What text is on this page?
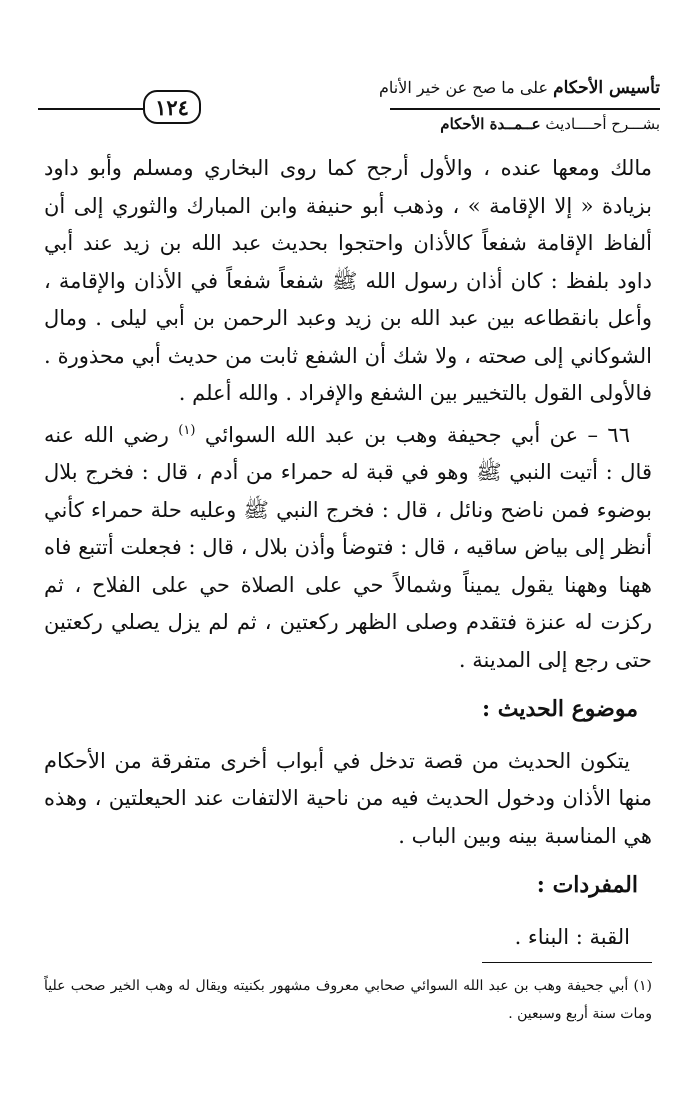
تأسيس الأحكام على ما صح عن خير الأنام
بشـــرح أحــــاديث عــمــدة الأحكام
١٢٤

مالك ومعها عنده ، والأول أرجح كما روى البخاري ومسلم وأبو داود بزيادة « إلا الإقامة » ، وذهب أبو حنيفة وابن المبارك والثوري إلى أن ألفاظ الإقامة شفعاً كالأذان واحتجوا بحديث عبد الله بن زيد عند أبي داود بلفظ : كان أذان رسول الله ﷺ شفعاً شفعاً في الأذان والإقامة ، وأعل بانقطاعه بين عبد الله بن زيد وعبد الرحمن بن أبي ليلى . ومال الشوكاني إلى صحته ، ولا شك أن الشفع ثابت من حديث أبي محذورة . فالأولى القول بالتخيير بين الشفع والإفراد . والله أعلم .

٦٦ – عن أبي جحيفة وهب بن عبد الله السوائي $^{(١)}$ رضي الله عنه قال : أتيت النبي ﷺ وهو في قبة له حمراء من أدم ، قال : فخرج بلال بوضوء فمن ناضح ونائل ، قال : فخرج النبي ﷺ وعليه حلة حمراء كأني أنظر إلى بياض ساقيه ، قال : فتوضأ وأذن بلال ، قال : فجعلت أتتبع فاه ههنا وههنا يقول يميناً وشمالاً حي على الصلاة حي على الفلاح ، ثم ركزت له عنزة فتقدم وصلى الظهر ركعتين ، ثم لم يزل يصلي ركعتين حتى رجع إلى المدينة .

موضوع الحديث :

يتكون الحديث من قصة تدخل في أبواب أخرى متفرقة من الأحكام منها الأذان ودخول الحديث فيه من ناحية الالتفات عند الحيعلتين ، وهذه هي المناسبة بينه وبين الباب .

المفردات :

القبة : البناء .

(١) أبي جحيفة وهب بن عبد الله السوائي صحابي معروف مشهور بكنيته ويقال له وهب الخير صحب علياً ومات سنة أربع وسبعين .
